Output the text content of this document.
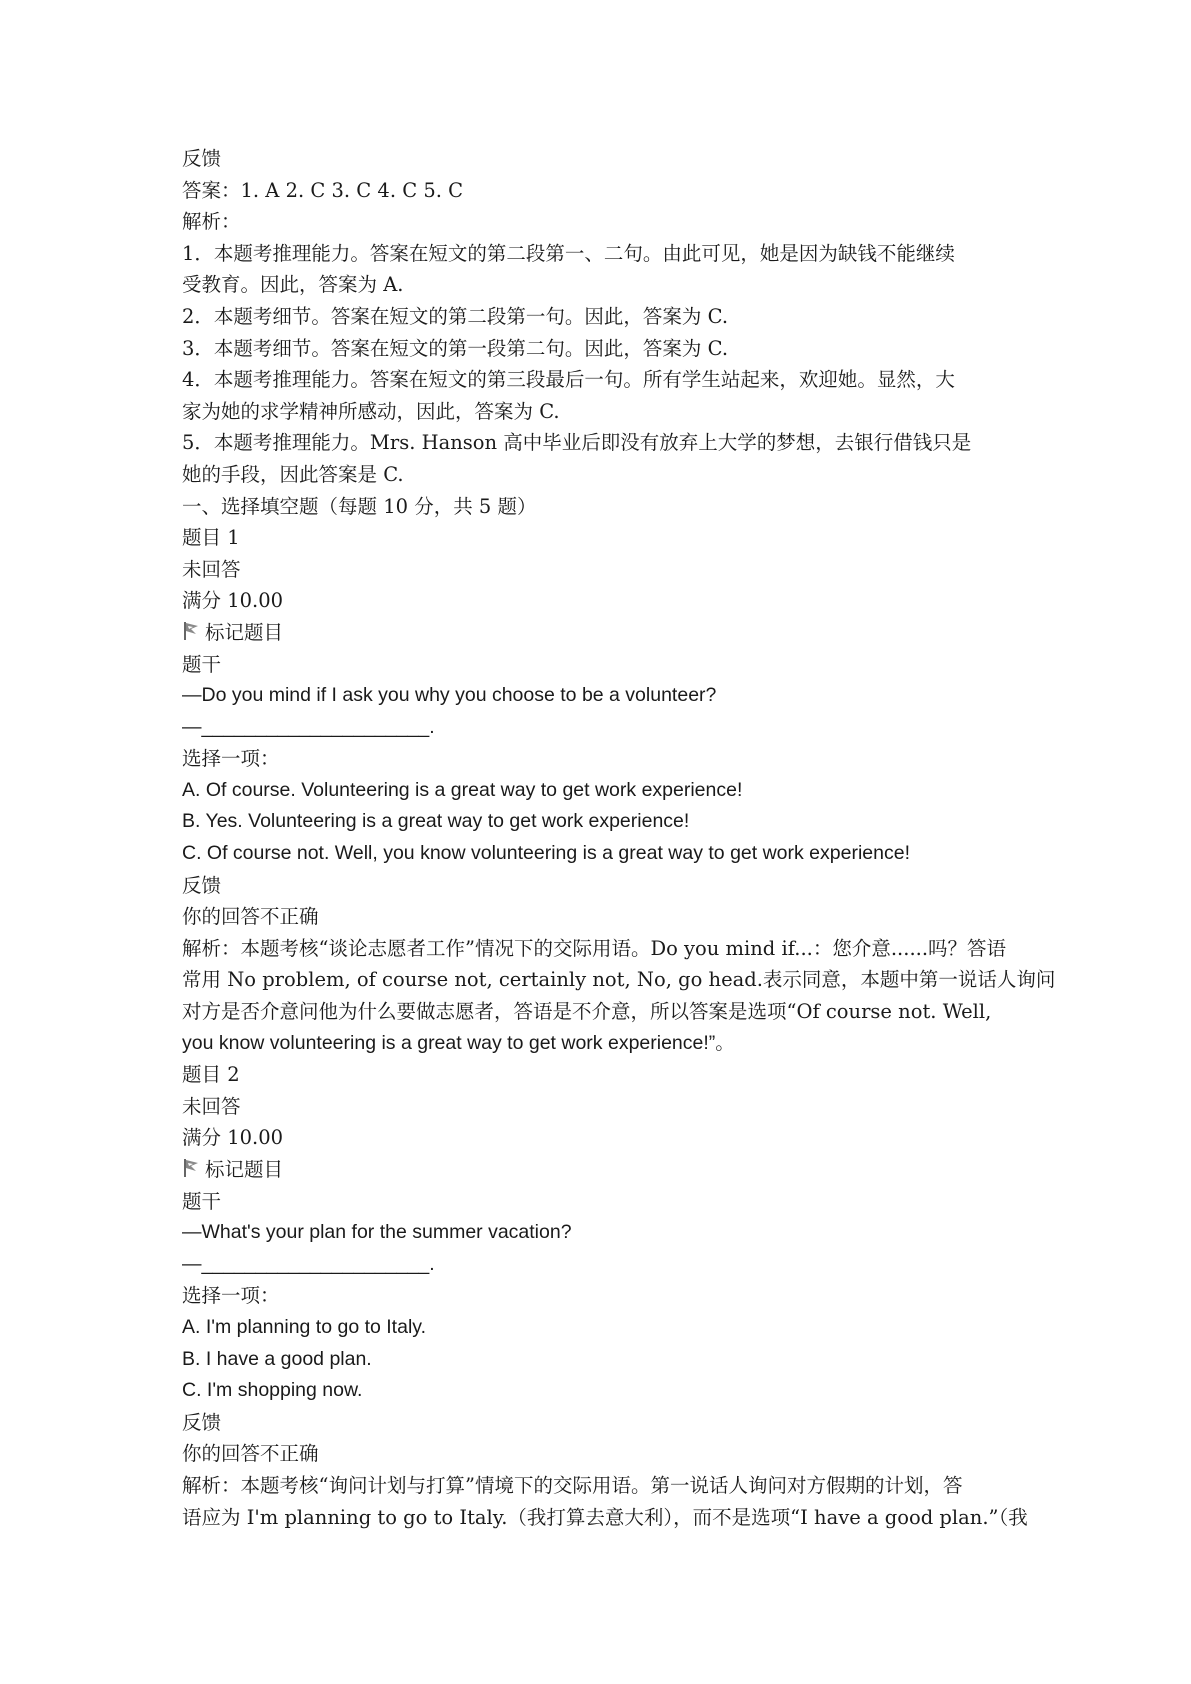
反馈
答案：1. A 2. C 3. C 4. C 5. C
解析：
1．本题考推理能力。答案在短文的第二段第一、二句。由此可见，她是因为缺钱不能继续
受教育。因此，答案为 A.
2．本题考细节。答案在短文的第二段第一句。因此，答案为 C.
3．本题考细节。答案在短文的第一段第二句。因此，答案为 C.
4．本题考推理能力。答案在短文的第三段最后一句。所有学生站起来，欢迎她。显然，大
家为她的求学精神所感动，因此，答案为 C.
5．本题考推理能力。Mrs. Hanson 高中毕业后即没有放弃上大学的梦想，去银行借钱只是
她的手段，因此答案是 C.
一、选择填空题（每题 10 分，共 5 题）
题目 1
未回答
满分 10.00
标记题目
题干
—Do you mind if I ask you why you choose to be a volunteer?
—_____________________.
选择一项：
A. Of course. Volunteering is a great way to get work experience!
B. Yes. Volunteering is a great way to get work experience!
C. Of course not. Well, you know volunteering is a great way to get work experience!
反馈
你的回答不正确
解析：本题考核“谈论志愿者工作”情况下的交际用语。Do you mind if...：您介意......吗？答语
常用 No problem, of course not, certainly not, No, go head.表示同意，本题中第一说话人询问
对方是否介意问他为什么要做志愿者，答语是不介意，所以答案是选项“Of course not. Well,
you know volunteering is a great way to get work experience!”。
题目 2
未回答
满分 10.00
标记题目
题干
—What's your plan for the summer vacation?
—_____________________.
选择一项：
A. I'm planning to go to Italy.
B. I have a good plan.
C. I'm shopping now.
反馈
你的回答不正确
解析：本题考核“询问计划与打算”情境下的交际用语。第一说话人询问对方假期的计划，答
语应为 I'm planning to go to Italy.（我打算去意大利），而不是选项“I have a good plan.”（我
